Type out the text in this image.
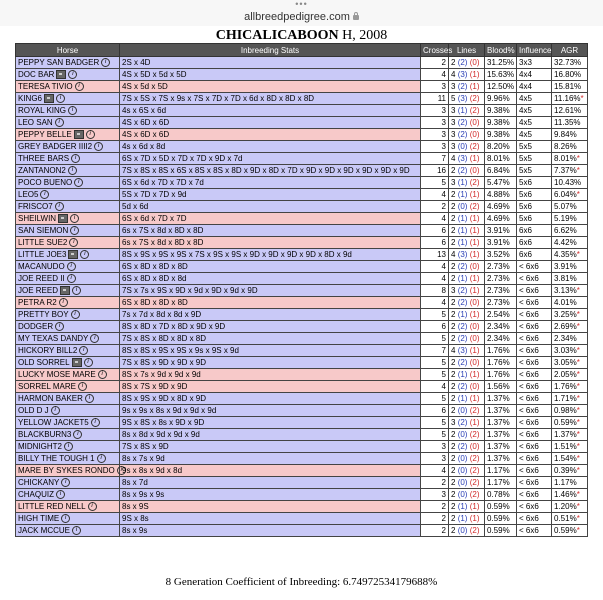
•••
allbreedpedigree.com
CHICALICABOON H, 2008
Horse	Inbreeding Stats	Crosses	Lines	Blood%	Influence	AGR
PEPPY SAN BADGER i	2S x 4D	2	2 (2) (0)	31.25%	3x3	32.73%
DOC BAR i	4S x 5D x 5d x 5D	4	4 (3) (1)	15.63%	4x4	16.80%
TERESA TIVIO i	4S x 5d x 5D	3	3 (2) (1)	12.50%	4x4	15.81%
KING6 i	7S x 5S x 7S x 9s x 7S x 7D x 7D x 6d x 8D x 8D x 8D	11	5 (3) (2)	9.96%	4x5	11.16%*
ROYAL KING i	4s x 6S x 6d	3	3 (1) (2)	9.38%	4x5	12.61%
LEO SAN i	4S x 6D x 6D	3	3 (2) (0)	9.38%	4x5	11.35%
PEPPY BELLE i	4S x 6D x 6D	3	3 (2) (0)	9.38%	4x5	9.84%
GREY BADGER IIII2 i	4s x 6d x 8d	3	3 (0) (2)	8.20%	5x5	8.26%
THREE BARS i	6S x 7D x 5D x 7D x 7D x 9D x 7d	7	4 (3) (1)	8.01%	5x5	8.01%*
ZANTANON2 i	7S x 8S x 8S x 6S x 8S x 8S x 8D x 9D x 8D x 7D x 9D x 9D x 9D x 9D x 9D x 9D	16	2 (2) (0)	6.84%	5x5	7.37%*
POCO BUENO i	6S x 6d x 7D x 7D x 7d	5	3 (1) (2)	5.47%	5x6	10.43%
LEO5 i	5S x 7D x 7D x 9d	4	2 (1) (1)	4.88%	5x6	6.04%*
FRISCO7 i	5d x 6d	2	2 (0) (2)	4.69%	5x6	5.07%
SHEILWIN i	6S x 6d x 7D x 7D	4	2 (1) (1)	4.69%	5x6	5.19%
SAN SIEMON i	6s x 7S x 8d x 8D x 8D	6	2 (1) (1)	3.91%	6x6	6.62%
LITTLE SUE2 i	6s x 7S x 8d x 8D x 8D	6	2 (1) (1)	3.91%	6x6	4.42%
LITTLE JOE3 i	8S x 9S x 9S x 9S x 7S x 9S x 9S x 9D x 9D x 9D x 9D x 8D x 9d	13	4 (3) (1)	3.52%	6x6	4.35%*
MACANUDO i	6S x 8D x 8D x 8D	4	2 (2) (0)	2.73%	< 6x6	3.91%
JOE REED II i	6S x 8D x 8D x 8d	4	2 (1) (1)	2.73%	< 6x6	3.81%
JOE REED i	7S x 7s x 9S x 9D x 9d x 9D x 9d x 9D	8	3 (2) (1)	2.73%	< 6x6	3.13%*
PETRA R2 i	6S x 8D x 8D x 8D	4	2 (2) (0)	2.73%	< 6x6	4.01%
PRETTY BOY i	7s x 7d x 8d x 8d x 9D	5	2 (1) (1)	2.54%	< 6x6	3.25%*
DODGER i	8S x 8D x 7D x 8D x 9D x 9D	6	2 (2) (0)	2.34%	< 6x6	2.69%*
MY TEXAS DANDY i	7S x 8S x 8D x 8D x 8D	5	2 (2) (0)	2.34%	< 6x6	2.34%
HICKORY BILL2 i	8S x 8S x 9S x 9S x 9s x 9S x 9d	7	4 (3) (1)	1.76%	< 6x6	3.03%*
OLD SORREL i	7S x 8S x 9D x 9D x 9D	5	2 (2) (0)	1.76%	< 6x6	3.05%*
LUCKY MOSE MARE i	8S x 7s x 9d x 9d x 9d	5	2 (1) (1)	1.76%	< 6x6	2.05%*
SORREL MARE i	8S x 7S x 9D x 9D	4	2 (2) (0)	1.56%	< 6x6	1.76%*
HARMON BAKER i	8S x 9S x 9D x 8D x 9D	5	2 (1) (1)	1.37%	< 6x6	1.71%*
OLD D J i	9s x 9s x 8s x 9d x 9d x 9d	6	2 (0) (2)	1.37%	< 6x6	0.98%*
YELLOW JACKET5 i	9S x 8S x 8s x 9D x 9D	5	3 (2) (1)	1.37%	< 6x6	0.59%*
BLACKBURN3 i	8s x 8d x 9d x 9d x 9d	5	2 (0) (2)	1.37%	< 6x6	1.37%*
MIDNIGHT2 i	7S x 8S x 9D	3	2 (2) (0)	1.37%	< 6x6	1.51%*
BILLY THE TOUGH 1 i	8s x 7s x 9d	3	2 (0) (2)	1.37%	< 6x6	1.54%*
MARE BY SYKES RONDO	9s x 8s x 9d x 8d	4	2 (0) (2)	1.17%	< 6x6	0.39%*
CHICKANY i	8s x 7d	2	2 (0) (2)	1.17%	< 6x6	1.17%
CHAQUIZ i	8s x 9s x 9s	3	2 (0) (2)	0.78%	< 6x6	1.46%*
LITTLE RED NELL i	8s x 9S	2	2 (1) (1)	0.59%	< 6x6	1.20%*
HIGH TIME i	9S x 8s	2	2 (1) (1)	0.59%	< 6x6	0.51%*
JACK MCCUE i	8s x 9s	2	2 (0) (2)	0.59%	< 6x6	0.59%*
8 Generation Coefficient of Inbreeding: 6.74972534179688%
